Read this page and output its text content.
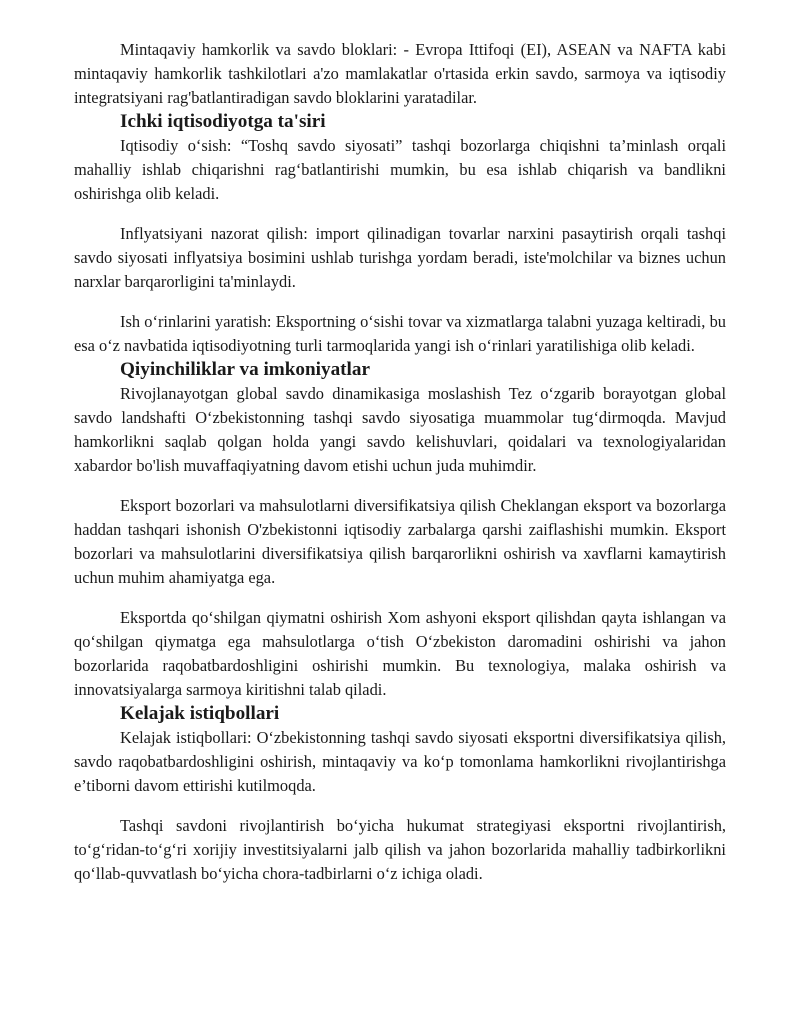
Mintaqaviy hamkorlik va savdo bloklari: - Evropa Ittifoqi (EI), ASEAN va NAFTA kabi mintaqaviy hamkorlik tashkilotlari a'zo mamlakatlar o'rtasida erkin savdo, sarmoya va iqtisodiy integratsiyani rag'batlantiradigan savdo bloklarini yaratadilar.

Ichki iqtisodiyotga ta'siri

Iqtisodiy o‘sish: “Toshq savdo siyosati” tashqi bozorlarga chiqishni ta’minlash orqali mahalliy ishlab chiqarishni rag‘batlantirishi mumkin, bu esa ishlab chiqarish va bandlikni oshirishga olib keladi.

Inflyatsiyani nazorat qilish: import qilinadigan tovarlar narxini pasaytirish orqali tashqi savdo siyosati inflyatsiya bosimini ushlab turishga yordam beradi, iste'molchilar va biznes uchun narxlar barqarorligini ta'minlaydi.

Ish o‘rinlarini yaratish: Eksportning o‘sishi tovar va xizmatlarga talabni yuzaga keltiradi, bu esa o‘z navbatida iqtisodiyotning turli tarmoqlarida yangi ish o‘rinlari yaratilishiga olib keladi.

Qiyinchiliklar va imkoniyatlar

Rivojlanayotgan global savdo dinamikasiga moslashish Tez o‘zgarib borayotgan global savdo landshafti O‘zbekistonning tashqi savdo siyosatiga muammolar tug‘dirmoqda. Mavjud hamkorlikni saqlab qolgan holda yangi savdo kelishuvlari, qoidalari va texnologiyalaridan xabardor bo'lish muvaffaqiyatning davom etishi uchun juda muhimdir.

Eksport bozorlari va mahsulotlarni diversifikatsiya qilish Cheklangan eksport va bozorlarga haddan tashqari ishonish O'zbekistonni iqtisodiy zarbalarga qarshi zaiflashishi mumkin. Eksport bozorlari va mahsulotlarini diversifikatsiya qilish barqarorlikni oshirish va xavflarni kamaytirish uchun muhim ahamiyatga ega.

Eksportda qo‘shilgan qiymatni oshirish Xom ashyoni eksport qilishdan qayta ishlangan va qo‘shilgan qiymatga ega mahsulotlarga o‘tish O‘zbekiston daromadini oshirishi va jahon bozorlarida raqobatbardoshligini oshirishi mumkin. Bu texnologiya, malaka oshirish va innovatsiyalarga sarmoya kiritishni talab qiladi.

Kelajak istiqbollari

Kelajak istiqbollari: O‘zbekistonning tashqi savdo siyosati eksportni diversifikatsiya qilish, savdo raqobatbardoshligini oshirish, mintaqaviy va ko‘p tomonlama hamkorlikni rivojlantirishga e’tiborni davom ettirishi kutilmoqda.

Tashqi savdoni rivojlantirish bo‘yicha hukumat strategiyasi eksportni rivojlantirish, to‘g‘ridan-to‘g‘ri xorijiy investitsiyalarni jalb qilish va jahon bozorlarida mahalliy tadbirkorlikni qo‘llab-quvvatlash bo‘yicha chora-tadbirlarni o‘z ichiga oladi.
